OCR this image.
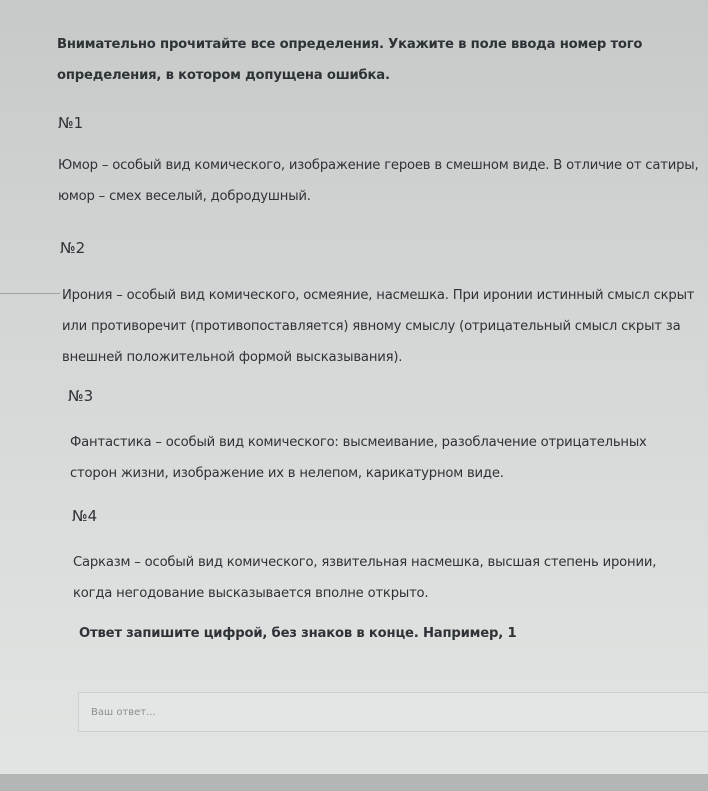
Внимательно прочитайте все определения. Укажите в поле ввода номер того определения, в котором допущена ошибка.
№1
Юмор – особый вид комического, изображение героев в смешном виде. В отличие от сатиры, юмор – смех веселый, добродушный.
№2
Ирония – особый вид комического, осмеяние, насмешка. При иронии истинный смысл скрыт или противоречит (противопоставляется) явному смыслу (отрицательный смысл скрыт за внешней положительной формой высказывания).
№3
Фантастика – особый вид комического: высмеивание, разоблачение отрицательных сторон жизни, изображение их в нелепом, карикатурном виде.
№4
Сарказм – особый вид комического, язвительная насмешка, высшая степень иронии, когда негодование высказывается вполне открыто.
Ответ запишите цифрой, без знаков в конце. Например, 1
Ваш ответ...
